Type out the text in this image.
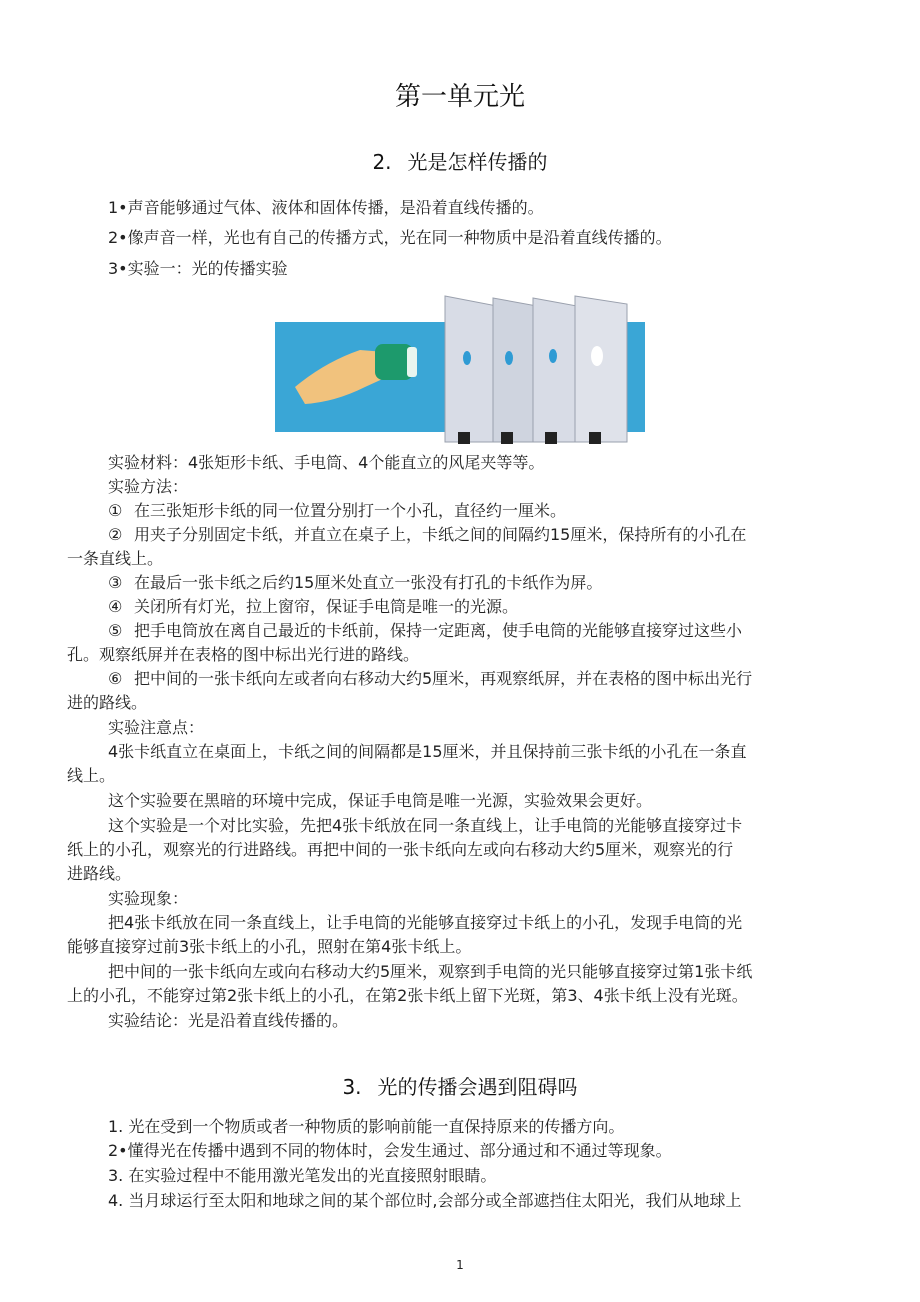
第一单元光
2. 光是怎样传播的
1•声音能够通过气体、液体和固体传播，是沿着直线传播的。
2•像声音一样，光也有自己的传播方式，光在同一种物质中是沿着直线传播的。
3•实验一：光的传播实验
实验材料：4张矩形卡纸、手电筒、4个能直立的风尾夹等等。
实验方法：
① 在三张矩形卡纸的同一位置分别打一个小孔，直径约一厘米。
② 用夹子分别固定卡纸，并直立在桌子上，卡纸之间的间隔约15厘米，保持所有的小孔在
一条直线上。
③ 在最后一张卡纸之后约15厘米处直立一张没有打孔的卡纸作为屏。
④ 关闭所有灯光，拉上窗帘，保证手电筒是唯一的光源。
⑤ 把手电筒放在离自己最近的卡纸前，保持一定距离，使手电筒的光能够直接穿过这些小
孔。观察纸屏并在表格的图中标出光行进的路线。
⑥ 把中间的一张卡纸向左或者向右移动大约5厘米，再观察纸屏，并在表格的图中标出光行
进的路线。
实验注意点：
4张卡纸直立在桌面上，卡纸之间的间隔都是15厘米，并且保持前三张卡纸的小孔在一条直
线上。
这个实验要在黑暗的环境中完成，保证手电筒是唯一光源，实验效果会更好。
这个实验是一个对比实验，先把4张卡纸放在同一条直线上，让手电筒的光能够直接穿过卡
纸上的小孔，观察光的行进路线。再把中间的一张卡纸向左或向右移动大约5厘米，观察光的行
进路线。
实验现象：
把4张卡纸放在同一条直线上，让手电筒的光能够直接穿过卡纸上的小孔，发现手电筒的光
能够直接穿过前3张卡纸上的小孔，照射在第4张卡纸上。
把中间的一张卡纸向左或向右移动大约5厘米，观察到手电筒的光只能够直接穿过第1张卡纸
上的小孔，不能穿过第2张卡纸上的小孔，在第2张卡纸上留下光斑，第3、4张卡纸上没有光斑。
实验结论：光是沿着直线传播的。
3. 光的传播会遇到阻碍吗
1. 光在受到一个物质或者一种物质的影响前能一直保持原来的传播方向。
2•懂得光在传播中遇到不同的物体时，会发生通过、部分通过和不通过等现象。
3. 在实验过程中不能用激光笔发出的光直接照射眼睛。
4. 当月球运行至太阳和地球之间的某个部位时,会部分或全部遮挡住太阳光，我们从地球上
1
